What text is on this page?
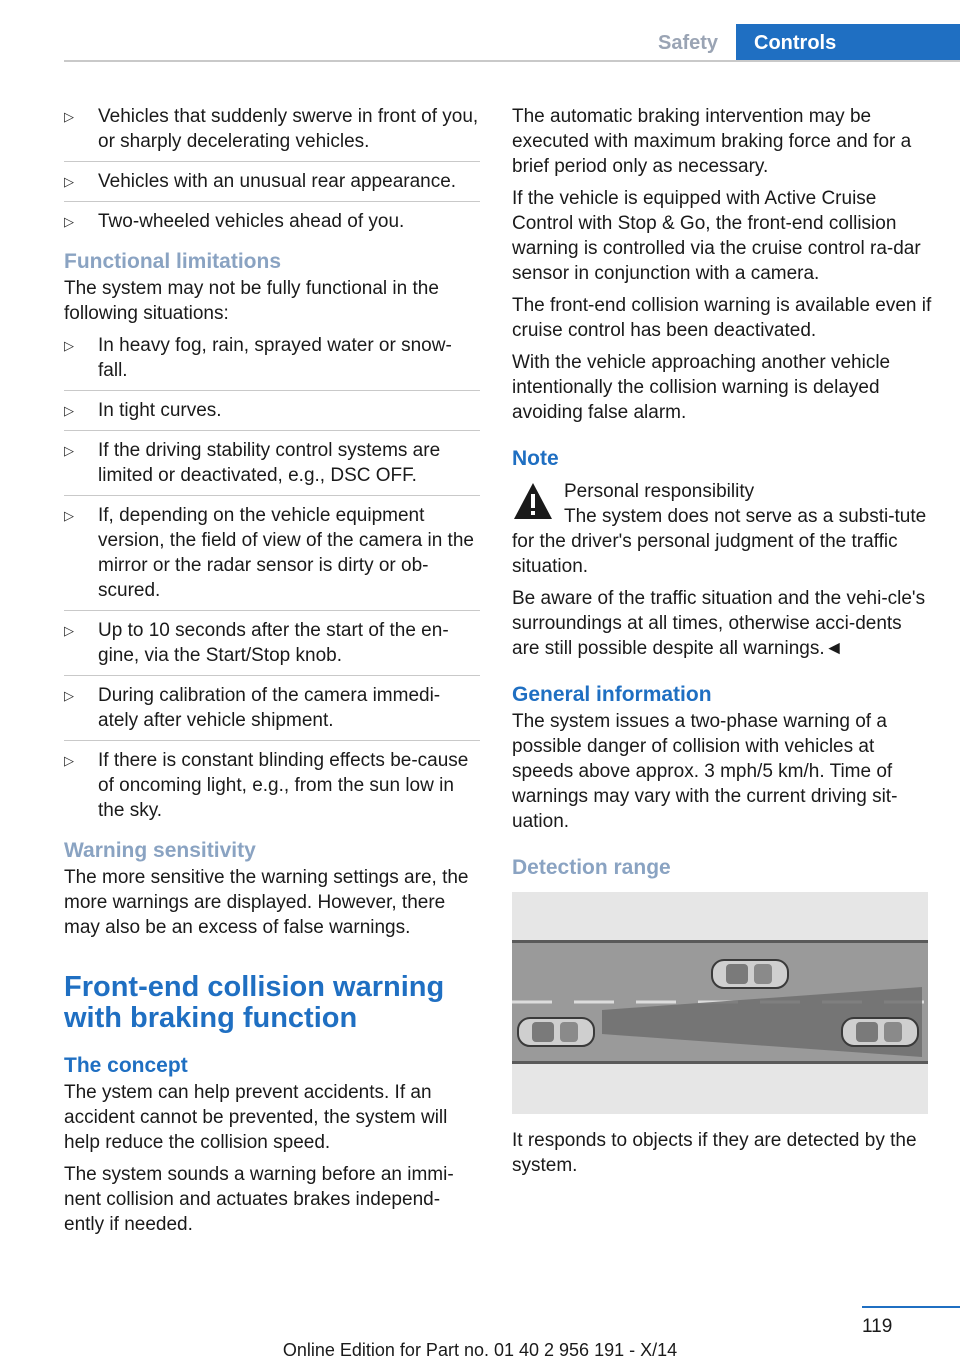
Safety	Controls
▷ Vehicles that suddenly swerve in front of you, or sharply decelerating vehicles.
▷ Vehicles with an unusual rear appearance.
▷ Two-wheeled vehicles ahead of you.
Functional limitations

The system may not be fully functional in the following situations:

▷ In heavy fog, rain, sprayed water or snow-fall.
▷ In tight curves.
▷ If the driving stability control systems are limited or deactivated, e.g., DSC OFF.
▷ If, depending on the vehicle equipment version, the field of view of the camera in the mirror or the radar sensor is dirty or ob-scured.
▷ Up to 10 seconds after the start of the en-gine, via the Start/Stop knob.
▷ During calibration of the camera immedi-ately after vehicle shipment.
▷ If there is constant blinding effects be-cause of oncoming light, e.g., from the sun low in the sky.
Warning sensitivity

The more sensitive the warning settings are, the more warnings are displayed. However, there may also be an excess of false warnings.

Front-end collision warning with braking function
The concept

The ystem can help prevent accidents. If an accident cannot be prevented, the system will help reduce the collision speed.

The system sounds a warning before an immi-nent collision and actuates brakes independ-ently if needed.

The automatic braking intervention may be executed with maximum braking force and for a brief period only as necessary.

If the vehicle is equipped with Active Cruise Control with Stop & Go, the front-end collision warning is controlled via the cruise control ra-dar sensor in conjunction with a camera.

The front-end collision warning is available even if cruise control has been deactivated.

With the vehicle approaching another vehicle intentionally the collision warning is delayed avoiding false alarm.

Note

Personal responsibility

The system does not serve as a substi-tute for the driver's personal judgment of the traffic situation.

Be aware of the traffic situation and the vehi-cle's surroundings at all times, otherwise acci-dents are still possible despite all warnings.◄

General information

The system issues a two-phase warning of a possible danger of collision with vehicles at speeds above approx. 3 mph/5 km/h. Time of warnings may vary with the current driving sit-uation.

Detection range

It responds to objects if they are detected by the system.

119
Online Edition for Part no. 01 40 2 956 191 - X/14
